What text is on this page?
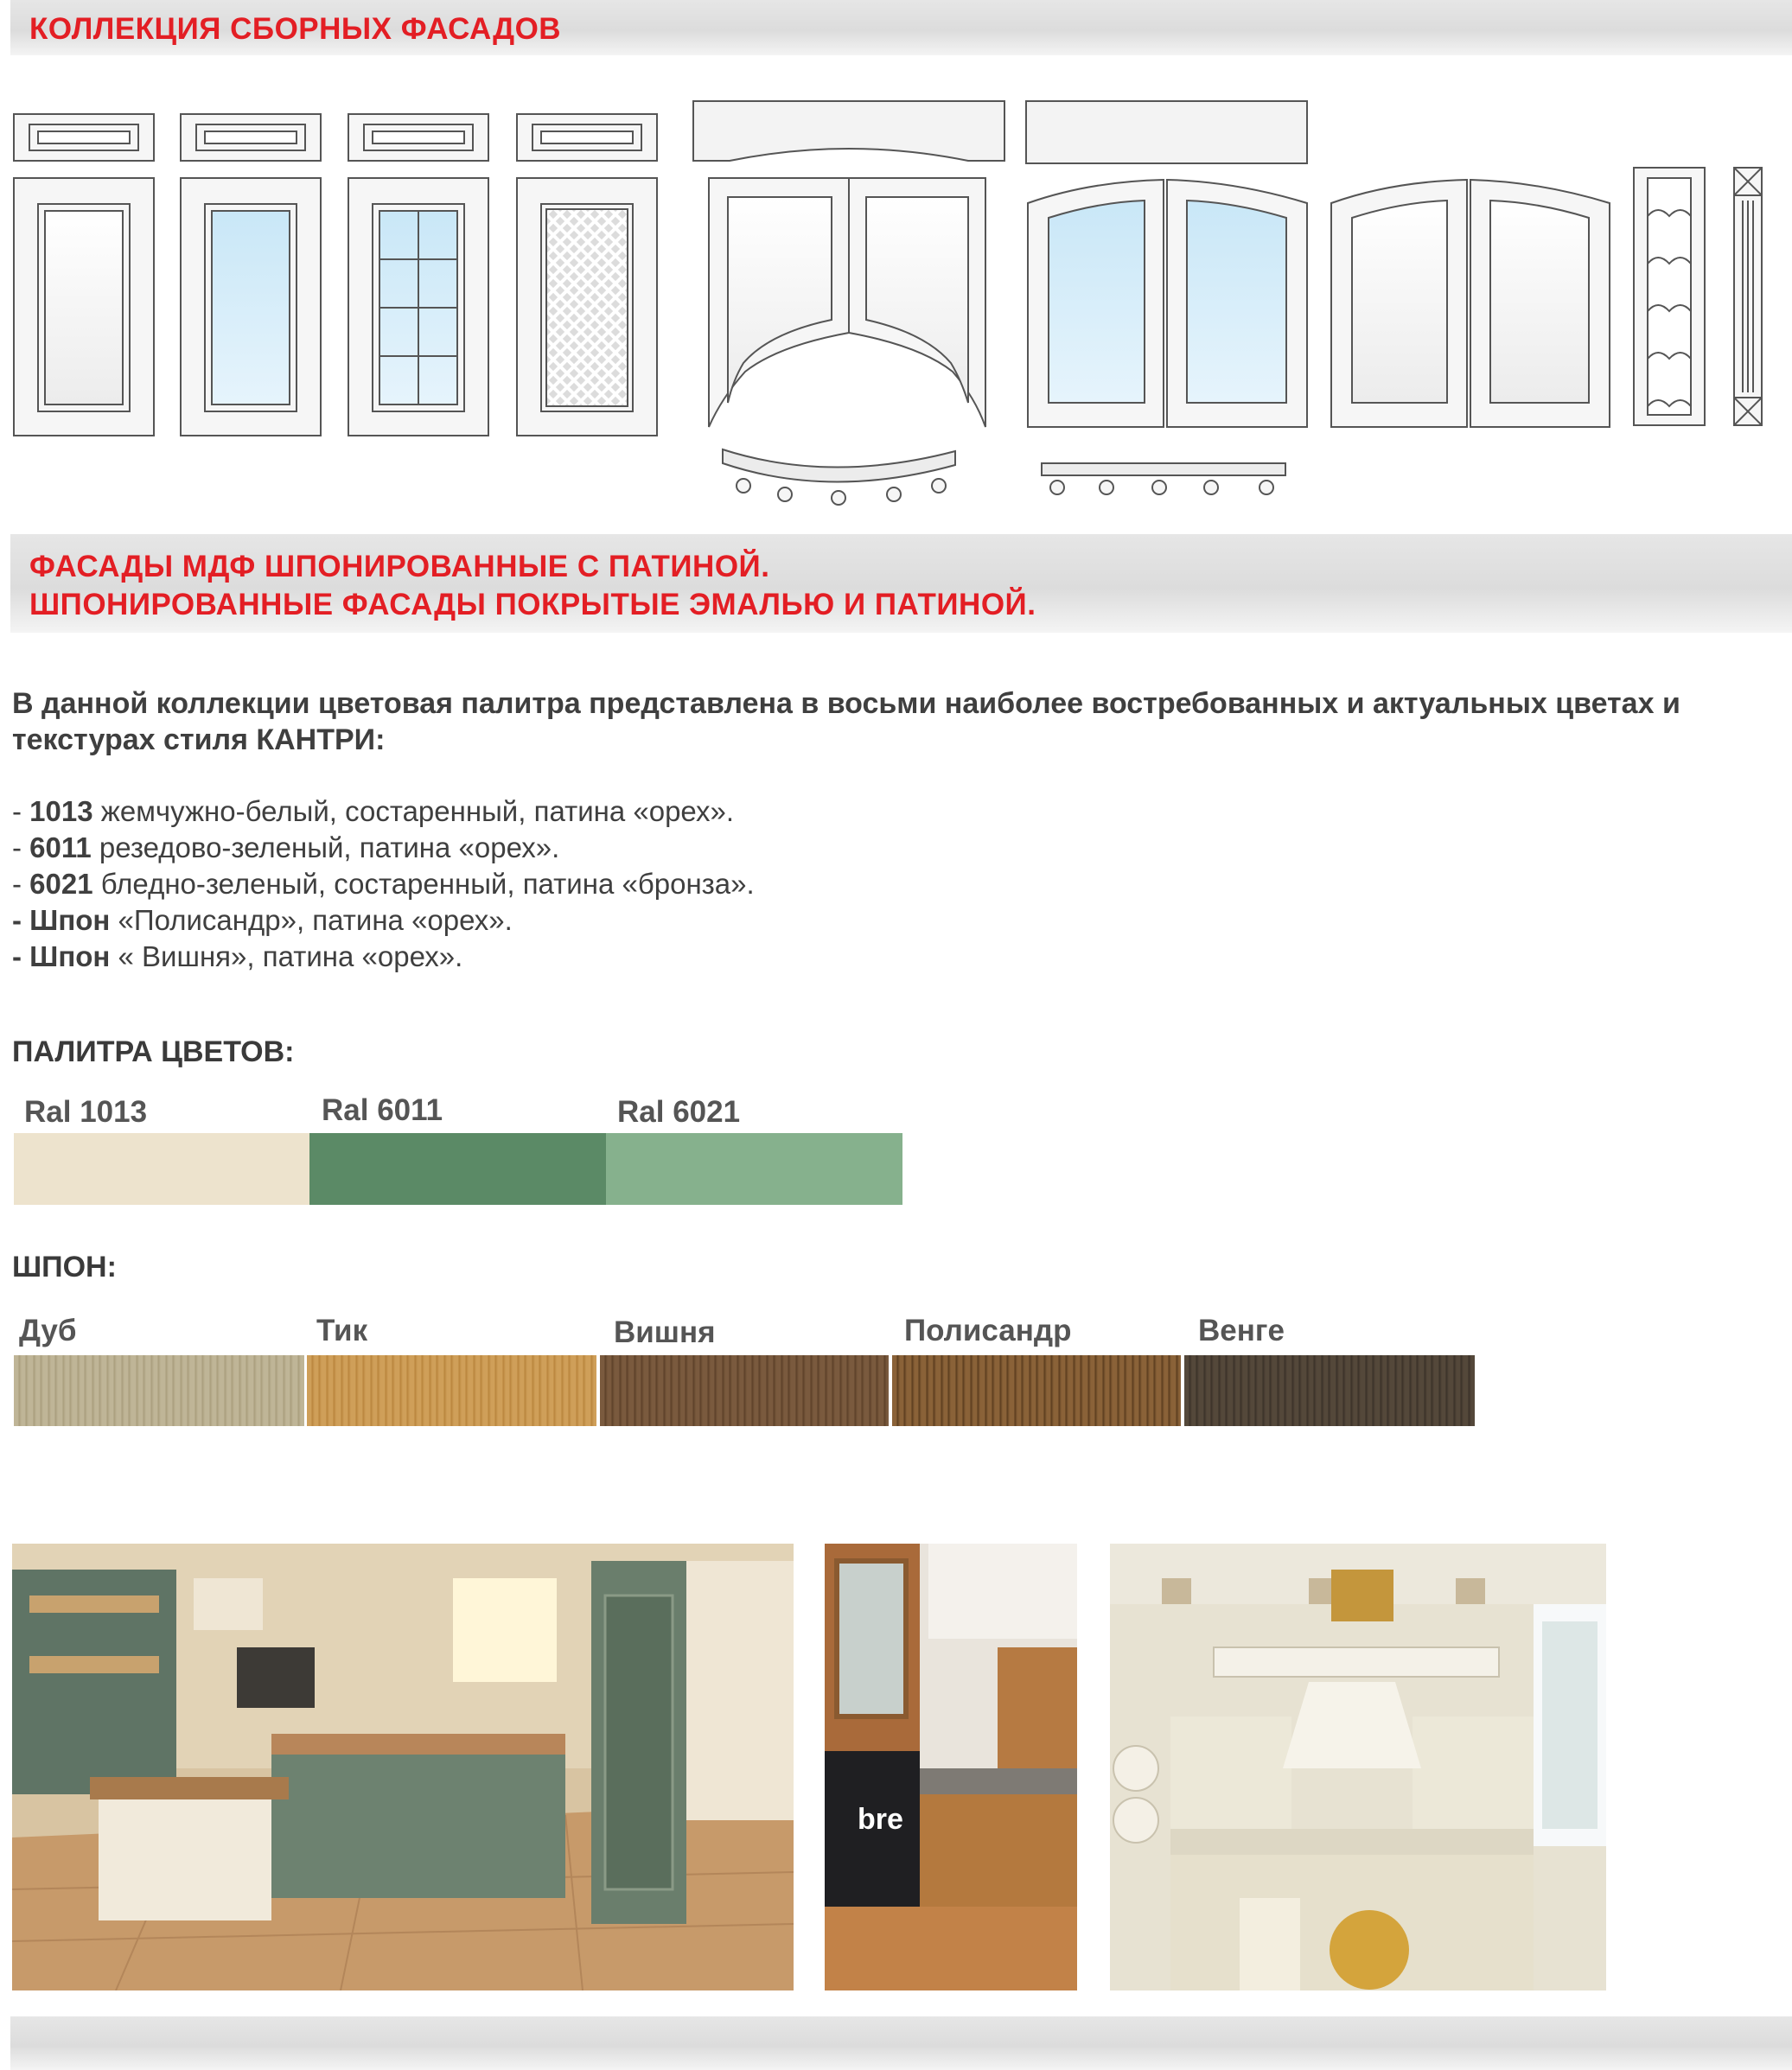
КОЛЛЕКЦИЯ СБОРНЫХ ФАСАДОВ
ФАСАДЫ МДФ ШПОНИРОВАННЫЕ С ПАТИНОЙ.
ШПОНИРОВАННЫЕ ФАСАДЫ ПОКРЫТЫЕ ЭМАЛЬЮ И ПАТИНОЙ.
В данной коллекции цветовая палитра представлена в восьми наиболее востребованных и актуальных цветах и текстурах стиля КАНТРИ:
- 1013 жемчужно-белый, состаренный, патина «орех».
- 6011 резедово-зеленый, патина «орех».
- 6021 бледно-зеленый, состаренный, патина «бронза».
- Шпон «Полисандр», патина «орех».
- Шпон « Вишня», патина «орех».
ПАЛИТРА ЦВЕТОВ:
Ral 1013	Ral 6011	Ral 6021
ШПОН:
Дуб	Тик	Вишня	Полисандр	Венге
bre
